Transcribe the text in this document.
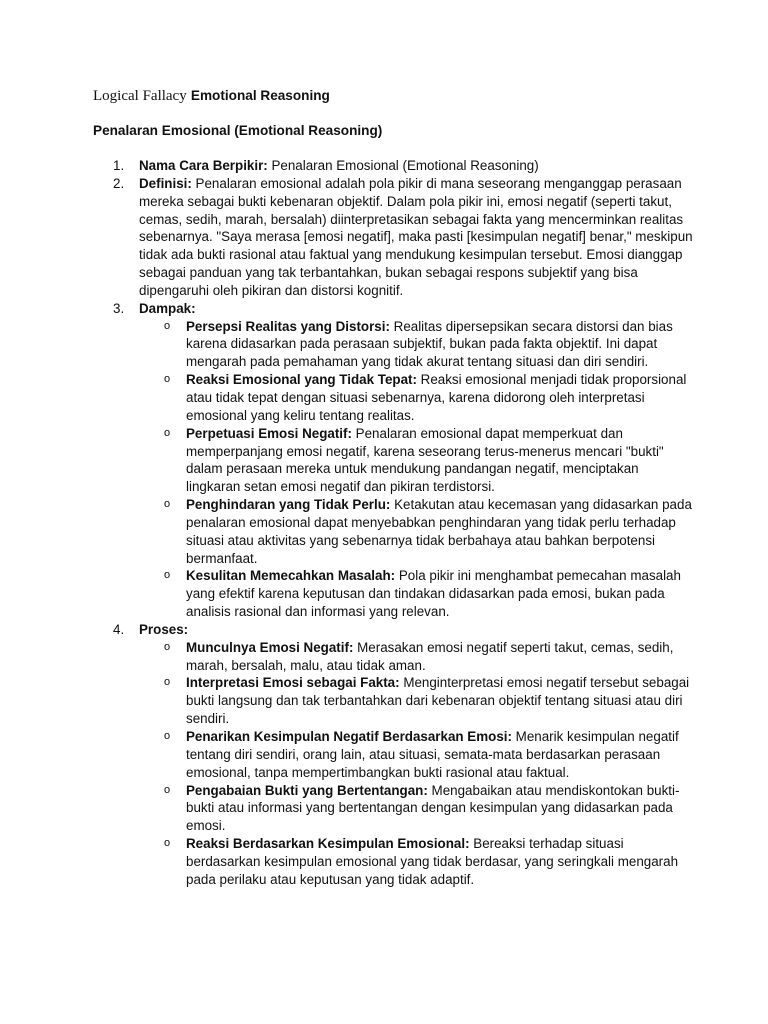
Logical Fallacy Emotional Reasoning
Penalaran Emosional (Emotional Reasoning)
1. Nama Cara Berpikir: Penalaran Emosional (Emotional Reasoning)
2. Definisi: Penalaran emosional adalah pola pikir di mana seseorang menganggap perasaan mereka sebagai bukti kebenaran objektif. Dalam pola pikir ini, emosi negatif (seperti takut, cemas, sedih, marah, bersalah) diinterpretasikan sebagai fakta yang mencerminkan realitas sebenarnya. "Saya merasa [emosi negatif], maka pasti [kesimpulan negatif] benar," meskipun tidak ada bukti rasional atau faktual yang mendukung kesimpulan tersebut. Emosi dianggap sebagai panduan yang tak terbantahkan, bukan sebagai respons subjektif yang bisa dipengaruhi oleh pikiran dan distorsi kognitif.
3. Dampak:
o Persepsi Realitas yang Distorsi: Realitas dipersepsikan secara distorsi dan bias karena didasarkan pada perasaan subjektif, bukan pada fakta objektif. Ini dapat mengarah pada pemahaman yang tidak akurat tentang situasi dan diri sendiri.
o Reaksi Emosional yang Tidak Tepat: Reaksi emosional menjadi tidak proporsional atau tidak tepat dengan situasi sebenarnya, karena didorong oleh interpretasi emosional yang keliru tentang realitas.
o Perpetuasi Emosi Negatif: Penalaran emosional dapat memperkuat dan memperpanjang emosi negatif, karena seseorang terus-menerus mencari "bukti" dalam perasaan mereka untuk mendukung pandangan negatif, menciptakan lingkaran setan emosi negatif dan pikiran terdistorsi.
o Penghindaran yang Tidak Perlu: Ketakutan atau kecemasan yang didasarkan pada penalaran emosional dapat menyebabkan penghindaran yang tidak perlu terhadap situasi atau aktivitas yang sebenarnya tidak berbahaya atau bahkan berpotensi bermanfaat.
o Kesulitan Memecahkan Masalah: Pola pikir ini menghambat pemecahan masalah yang efektif karena keputusan dan tindakan didasarkan pada emosi, bukan pada analisis rasional dan informasi yang relevan.
4. Proses:
o Munculnya Emosi Negatif: Merasakan emosi negatif seperti takut, cemas, sedih, marah, bersalah, malu, atau tidak aman.
o Interpretasi Emosi sebagai Fakta: Menginterpretasi emosi negatif tersebut sebagai bukti langsung dan tak terbantahkan dari kebenaran objektif tentang situasi atau diri sendiri.
o Penarikan Kesimpulan Negatif Berdasarkan Emosi: Menarik kesimpulan negatif tentang diri sendiri, orang lain, atau situasi, semata-mata berdasarkan perasaan emosional, tanpa mempertimbangkan bukti rasional atau faktual.
o Pengabaian Bukti yang Bertentangan: Mengabaikan atau mendiskontokan bukti-bukti atau informasi yang bertentangan dengan kesimpulan yang didasarkan pada emosi.
o Reaksi Berdasarkan Kesimpulan Emosional: Bereaksi terhadap situasi berdasarkan kesimpulan emosional yang tidak berdasar, yang seringkali mengarah pada perilaku atau keputusan yang tidak adaptif.
